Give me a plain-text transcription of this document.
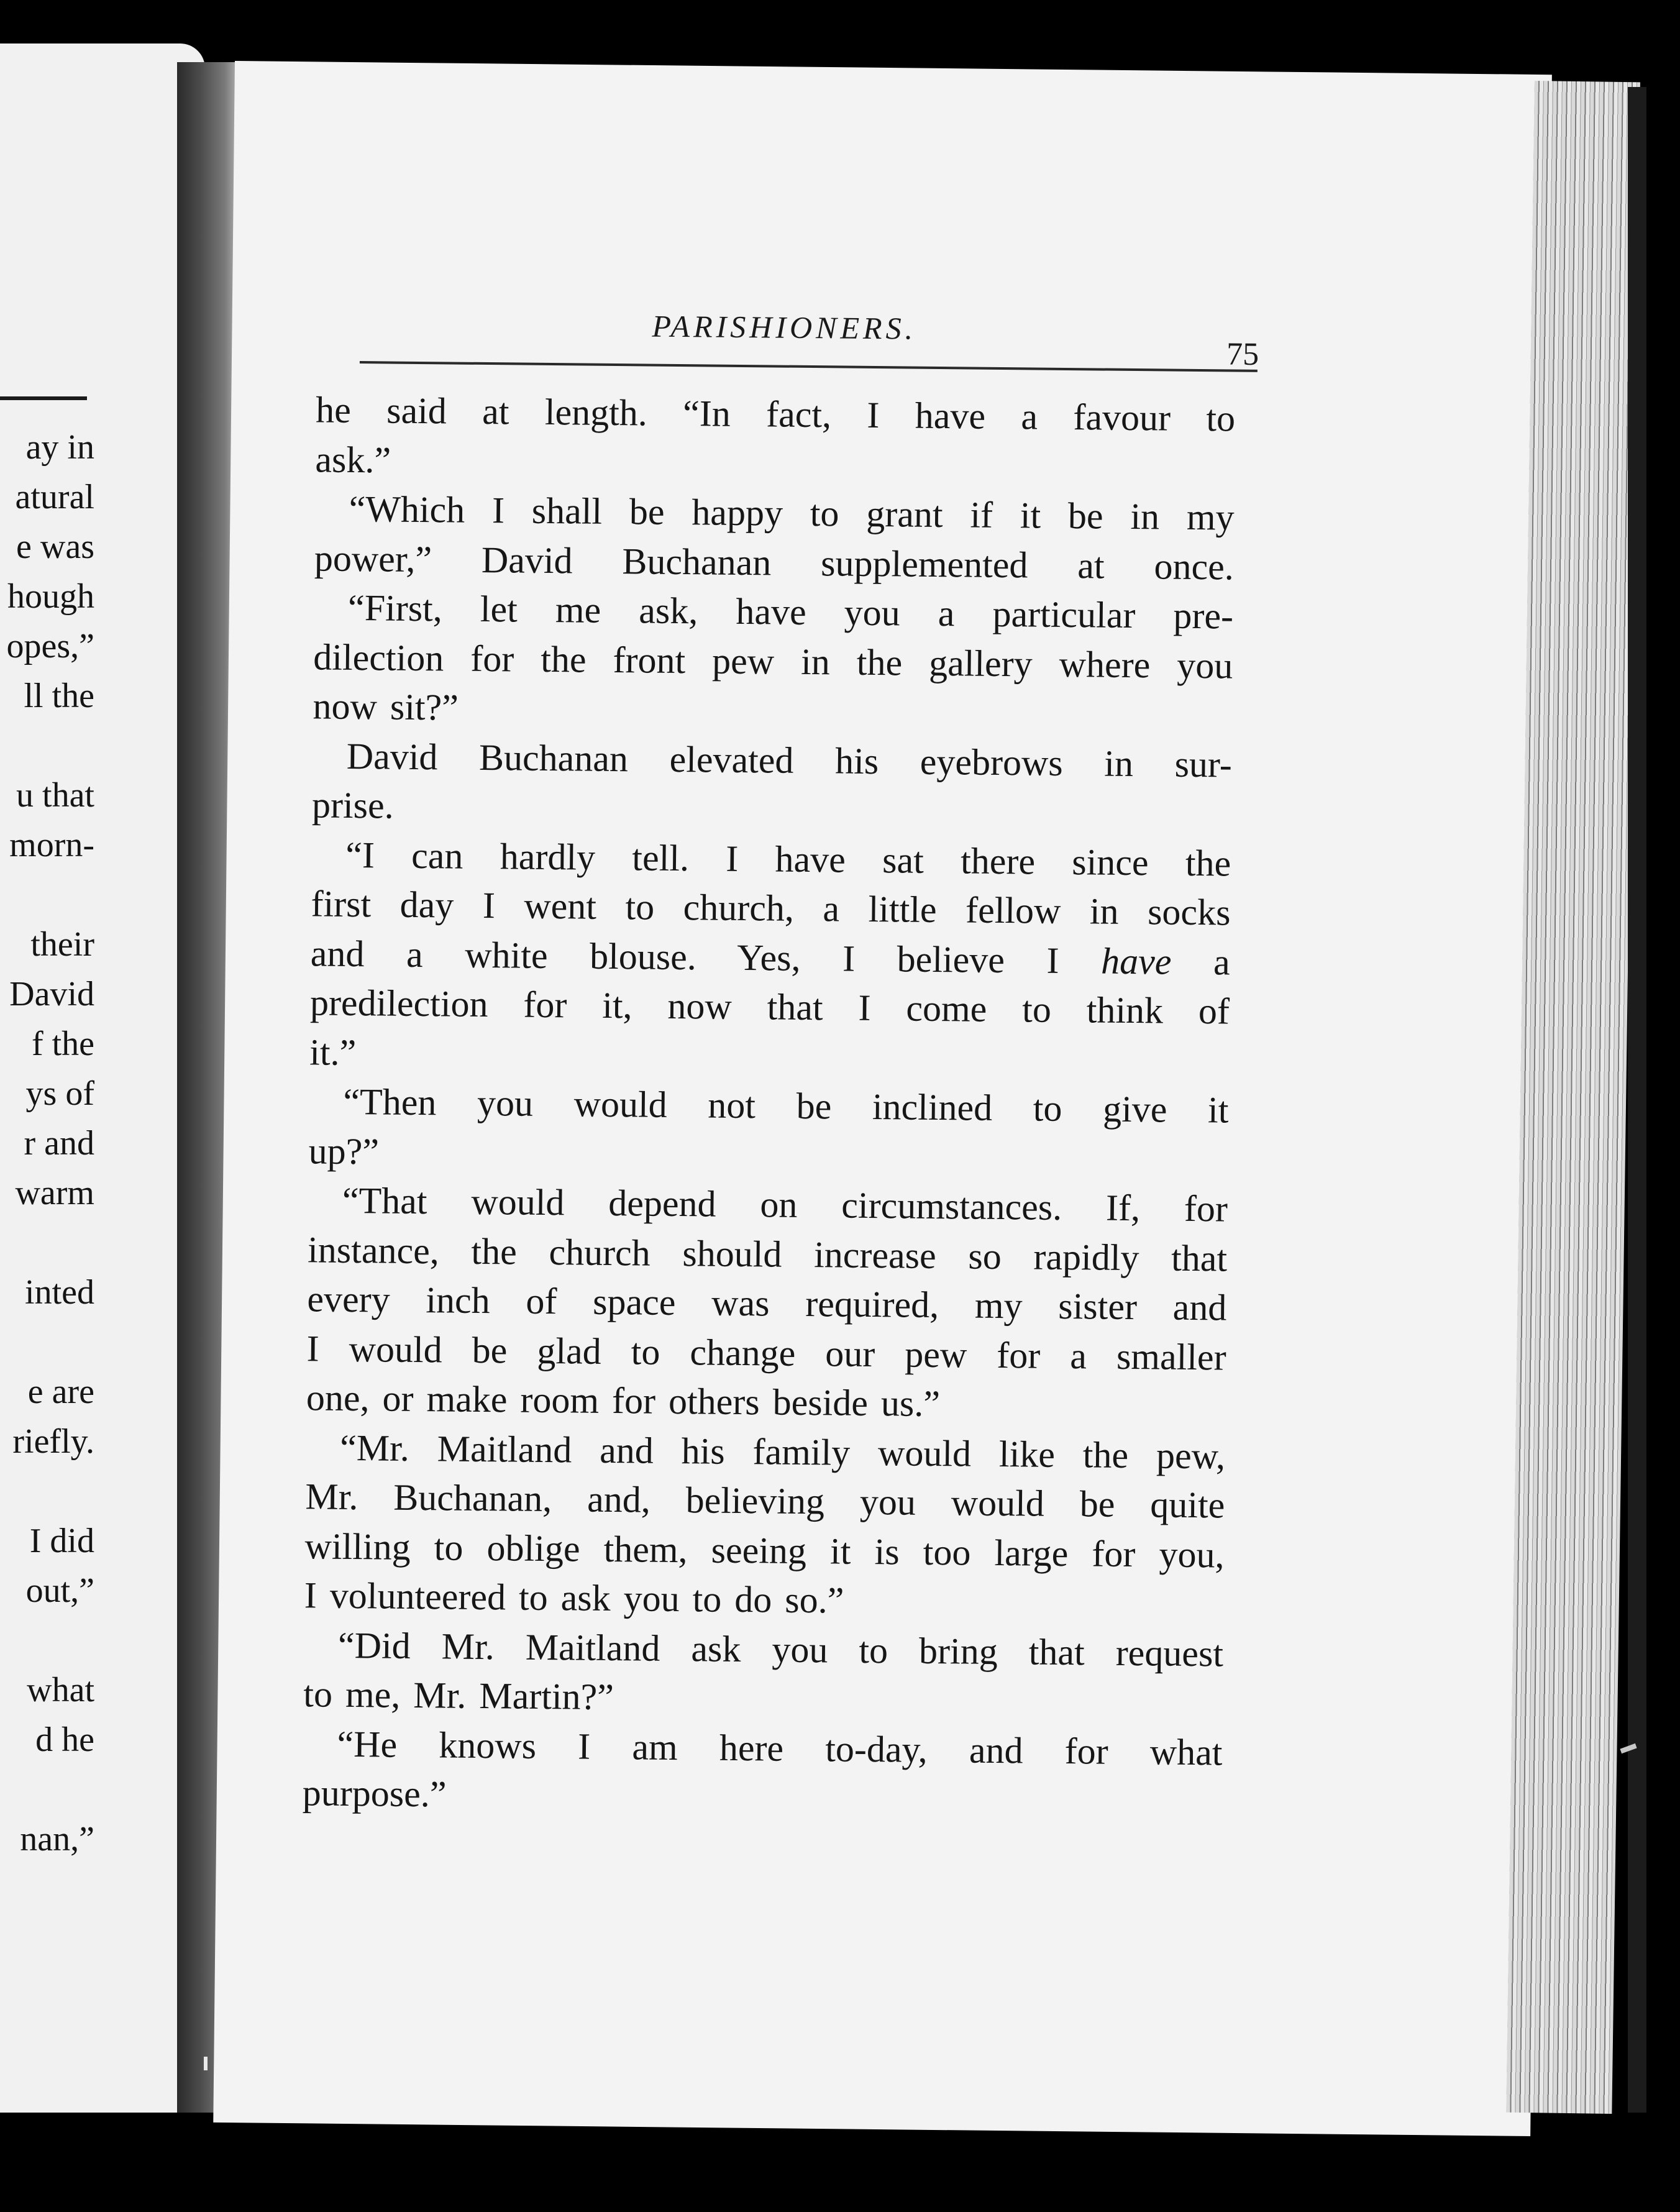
ay in
atural
e was
hough
opes,”
ll the
u that
morn-
their
David
f the
ys of
r and
warm
inted
e are
riefly.
I did
out,”
what
d he
nan,”
PARISHIONERS.
75
he said at length. “In fact, I have a favour to
ask.”
“Which I shall be happy to grant if it be in my
power,” David Buchanan supplemented at once.
“First, let me ask, have you a particular pre-
dilection for the front pew in the gallery where you
now sit?”
David Buchanan elevated his eyebrows in sur-
prise.
“I can hardly tell. I have sat there since the
first day I went to church, a little fellow in socks
and a white blouse. Yes, I believe I have a
predilection for it, now that I come to think of
it.”
“Then you would not be inclined to give it
up?”
“That would depend on circumstances. If, for
instance, the church should increase so rapidly that
every inch of space was required, my sister and
I would be glad to change our pew for a smaller
one, or make room for others beside us.”
“Mr. Maitland and his family would like the pew,
Mr. Buchanan, and, believing you would be quite
willing to oblige them, seeing it is too large for you,
I volunteered to ask you to do so.”
“Did Mr. Maitland ask you to bring that request
to me, Mr. Martin?”
“He knows I am here to-day, and for what
purpose.”
